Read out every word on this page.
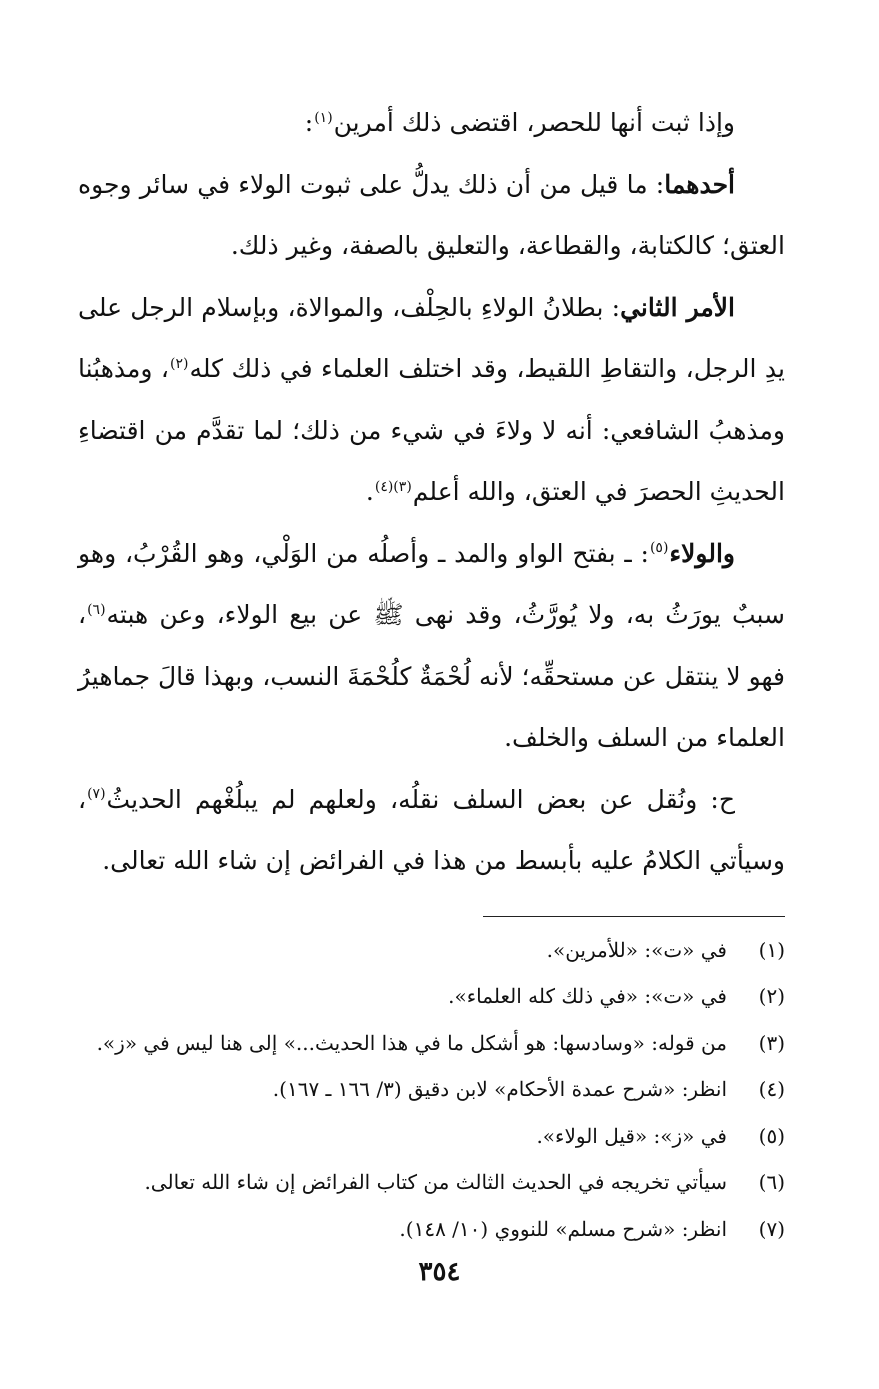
وإذا ثبت أنها للحصر، اقتضى ذلك أمرين$^{(١)}$:

أحدهما: ما قيل من أن ذلك يدلُّ على ثبوت الولاء في سائر وجوه العتق؛ كالكتابة، والقطاعة، والتعليق بالصفة، وغير ذلك.

الأمر الثاني: بطلانُ الولاءِ بالحِلْف، والموالاة، وبإسلام الرجل على يدِ الرجل، والتقاطِ اللقيط، وقد اختلف العلماء في ذلك كله$^{(٢)}$، ومذهبُنا ومذهبُ الشافعي: أنه لا ولاءَ في شيء من ذلك؛ لما تقدَّم من اقتضاءِ الحديثِ الحصرَ في العتق، والله أعلم$^{(٣)(٤)}$.

والولاء$^{(٥)}$: ـ بفتح الواو والمد ـ وأصلُه من الوَلْي، وهو القُرْبُ، وهو سببٌ يورَثُ به، ولا يُورَّثُ، وقد نهى ﷺ عن بيع الولاء، وعن هبته$^{(٦)}$، فهو لا ينتقل عن مستحقِّه؛ لأنه لُحْمَةٌ كلُحْمَةَ النسب، وبهذا قالَ جماهيرُ العلماء من السلف والخلف.

ح: ونُقل عن بعض السلف نقلُه، ولعلهم لم يبلُغْهم الحديثُ$^{(٧)}$، وسيأتي الكلامُ عليه بأبسط من هذا في الفرائض إن شاء الله تعالى.

(١)
في «ت»: «للأمرين».
(٢)
في «ت»: «في ذلك كله العلماء».
(٣)
من قوله: «وسادسها: هو أشكل ما في هذا الحديث...» إلى هنا ليس في «ز».
(٤)
انظر: «شرح عمدة الأحكام» لابن دقيق (٣/ ١٦٦ ـ ١٦٧).
(٥)
في «ز»: «قيل الولاء».
(٦)
سيأتي تخريجه في الحديث الثالث من كتاب الفرائض إن شاء الله تعالى.
(٧)
انظر: «شرح مسلم» للنووي (١٠/ ١٤٨).
٣٥٤
